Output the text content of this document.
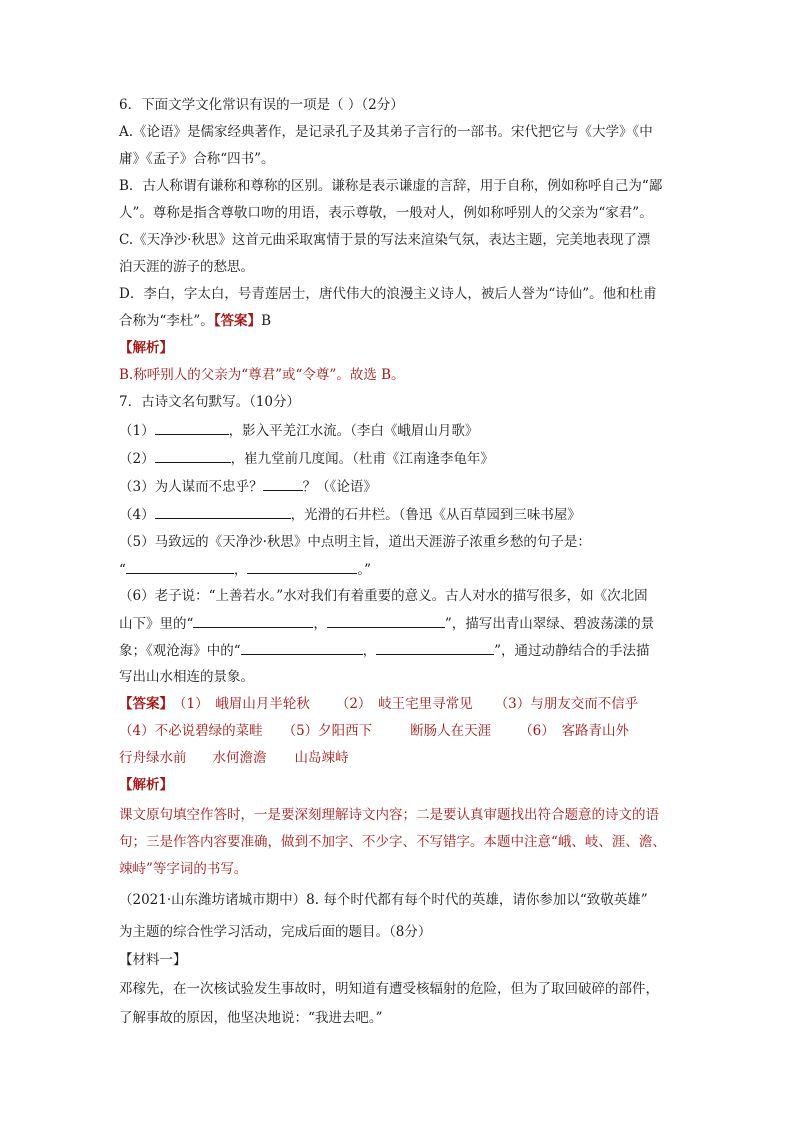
6．下面文学文化常识有误的一项是（ ）（2分）
A.《论语》是儒家经典著作，是记录孔子及其弟子言行的一部书。宋代把它与《大学》《中
庸》《孟子》合称“四书”。
B．古人称谓有谦称和尊称的区别。谦称是表示谦虚的言辞，用于自称，例如称呼自己为“鄙
人”。尊称是指含尊敬口吻的用语，表示尊敬，一般对人，例如称呼别人的父亲为“家君”。
C.《天净沙·秋思》这首元曲采取寓情于景的写法来渲染气氛，表达主题，完美地表现了漂
泊天涯的游子的愁思。
D．李白，字太白，号青莲居士，唐代伟大的浪漫主义诗人，被后人誉为“诗仙”。他和杜甫
合称为“李杜”。【答案】B
【解析】
B.称呼别人的父亲为“尊君”或“令尊”。故选 B。
7．古诗文名句默写。（10分）
（1）	，影入平羌江水流。（李白《峨眉山月歌》
（2）	，崔九堂前几度闻。（杜甫《江南逢李龟年》
（3）为人谋而不忠乎？	？（《论语》
（4）	，光滑的石井栏。（鲁迅《从百草园到三味书屋》
（5）马致远的《天净沙·秋思》中点明主旨，道出天涯游子浓重乡愁的句子是：
“	，	。”
（6）老子说：“上善若水。”水对我们有着重要的意义。古人对水的描写很多，如《次北固
山下》里的“	，	”，描写出青山翠绿、碧波荡漾的景
象；《观沧海》中的“	，	”，通过动静结合的手法描
写出山水相连的景象。
【答案】（1）　峨眉山月半轮秋 （2）　岐王宅里寻常见 （3）与朋友交而不信乎
（4）不必说碧绿的菜畦 （5）夕阳西下	断肠人在天涯 （6）　客路青山外
行舟绿水前 水何澹澹 山岛竦峙
【解析】
课文原句填空作答时，一是要深刻理解诗文内容；二是要认真审题找出符合题意的诗文的语
句；三是作答内容要准确，做到不加字、不少字、不写错字。本题中注意“峨、岐、涯、澹、
竦峙”等字词的书写。
（2021·山东潍坊诸城市期中）8. 每个时代都有每个时代的英雄，请你参加以“致敬英雄”
为主题的综合性学习活动，完成后面的题目。（8分）
【材料一】
邓稼先，在一次核试验发生事故时，明知道有遭受核辐射的危险，但为了取回破碎的部件，
了解事故的原因，他坚决地说：“我进去吧。”
